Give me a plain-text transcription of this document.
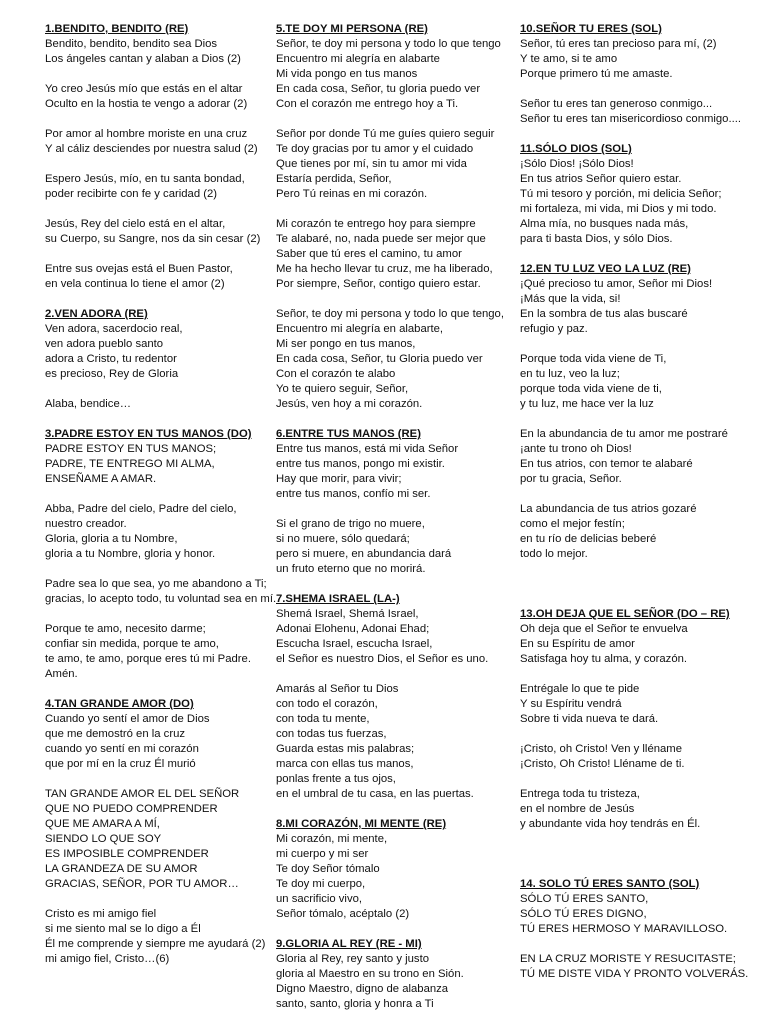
1.BENDITO, BENDITO (RE)
Bendito, bendito, bendito sea Dios
Los ángeles cantan y alaban a Dios (2)
Yo creo Jesús mío que estás en el altar
Oculto en la hostia te vengo a adorar (2)
Por amor al hombre moriste en una cruz
Y al cáliz desciendes por nuestra salud (2)
Espero Jesús, mío, en tu santa bondad,
poder recibirte con fe y caridad (2)
Jesús, Rey del cielo está en el altar,
su Cuerpo, su Sangre, nos da sin cesar (2)
Entre sus ovejas está el Buen Pastor,
en vela continua lo tiene el amor (2)
2.VEN ADORA (RE)
Ven adora, sacerdocio real,
ven adora pueblo santo
adora a Cristo, tu redentor
es precioso, Rey de Gloria
Alaba, bendice…
3.PADRE ESTOY EN TUS MANOS (DO)
PADRE ESTOY EN TUS MANOS;
PADRE, TE ENTREGO MI ALMA,
ENSEÑAME A AMAR.
Abba, Padre del cielo, Padre del cielo,
nuestro creador.
Gloria, gloria a tu Nombre,
gloria a tu Nombre, gloria y honor.
Padre sea lo que sea, yo me abandono a Ti;
gracias, lo acepto todo, tu voluntad sea en mí.
Porque te amo, necesito darme;
confiar sin medida, porque te amo,
te amo, te amo, porque eres tú mi Padre.
Amén.
4.TAN GRANDE AMOR (DO)
Cuando yo sentí el amor de Dios
que me demostró en la cruz
cuando yo sentí en mi corazón
que por mí en la cruz Él murió
TAN GRANDE AMOR EL DEL SEÑOR
QUE NO PUEDO COMPRENDER
QUE ME AMARA A MÍ,
SIENDO LO QUE SOY
ES IMPOSIBLE COMPRENDER
LA GRANDEZA DE SU AMOR
GRACIAS, SEÑOR, POR TU AMOR…
Cristo es mi amigo fiel
si me siento mal se lo digo a Él
Él me comprende y siempre me ayudará (2)
mi amigo fiel, Cristo…(6)
5.TE DOY MI PERSONA (RE)
Señor, te doy mi persona y todo lo que tengo
Encuentro mi alegría en alabarte
Mi vida pongo en tus manos
En cada cosa, Señor, tu gloria puedo ver
Con el corazón me entrego hoy a Ti.
Señor por donde Tú me guíes quiero seguir
Te doy gracias por tu amor y el cuidado
Que tienes por mí, sin tu amor mi vida
Estaría perdida, Señor,
Pero Tú reinas en mi corazón.
Mi corazón te entrego hoy para siempre
Te alabaré, no, nada puede ser mejor que
Saber que tú eres el camino, tu amor
Me ha hecho llevar tu cruz, me ha liberado,
Por siempre, Señor, contigo quiero estar.
Señor, te doy mi persona y todo lo que tengo,
Encuentro mi alegría en alabarte,
Mi ser pongo en tus manos,
En cada cosa, Señor, tu Gloria puedo ver
Con el corazón te alabo
Yo te quiero seguir, Señor,
Jesús, ven hoy a mi corazón.
6.ENTRE TUS MANOS (RE)
Entre tus manos, está mi vida Señor
entre tus manos, pongo mi existir.
Hay que morir, para vivir;
entre tus manos, confío mi ser.
Si el grano de trigo no muere,
si no muere, sólo quedará;
pero si muere, en abundancia dará
un fruto eterno que no morirá.
7.SHEMA ISRAEL (LA-)
Shemá Israel, Shemá Israel,
Adonai Elohenu, Adonai Ehad;
Escucha Israel, escucha Israel,
el Señor es nuestro Dios, el Señor es uno.
Amarás al Señor tu Dios
con todo el corazón,
con toda tu mente,
con todas tus fuerzas,
Guarda estas mis palabras;
marca con ellas tus manos,
ponlas frente a tus ojos,
en el umbral de tu casa, en las puertas.
8.MI CORAZÓN, MI MENTE (RE)
Mi corazón, mi mente,
mi cuerpo y mi ser
Te doy Señor tómalo
Te doy mi cuerpo,
un sacrificio vivo,
Señor tómalo, acéptalo (2)
9.GLORIA AL REY (RE - MI)
Gloria al Rey, rey santo y justo
gloria al Maestro en su trono en Sión.
Digno Maestro, digno de alabanza
santo, santo, gloria y honra a Ti
10.SEÑOR TU ERES (SOL)
Señor, tú eres tan precioso para mí, (2)
Y te amo, si te amo
Porque primero tú me amaste.
Señor tu eres tan generoso conmigo...
Señor tu eres tan misericordioso conmigo....
11.SÓLO DIOS (SOL)
¡Sólo Dios! ¡Sólo Dios!
En tus atrios Señor quiero estar.
Tú mi tesoro y porción, mi delicia Señor;
mi fortaleza, mi vida, mi Dios y mi todo.
Alma mía, no busques nada más,
para ti basta Dios, y sólo Dios.
12.EN TU LUZ VEO LA LUZ (RE)
¡Qué precioso tu amor, Señor mi Dios!
¡Más que la vida, si!
En la sombra de tus alas buscaré
refugio y paz.
Porque toda vida viene de Ti,
en tu luz, veo la luz;
porque toda vida viene de ti,
y tu luz, me hace ver la luz
En la abundancia de tu amor me postraré
¡ante tu trono oh Dios!
En tus atrios, con temor te alabaré
por tu gracia, Señor.
La abundancia de tus atrios gozaré
como el mejor festín;
en tu río de delicias beberé
todo lo mejor.

13.OH DEJA QUE EL SEÑOR (DO – RE)
Oh deja que el Señor te envuelva
En su Espíritu de amor
Satisfaga hoy tu alma, y corazón.
Entrégale lo que te pide
Y su Espíritu vendrá
Sobre ti vida nueva te dará.
¡Cristo, oh Cristo! Ven y lléname
¡Cristo, Oh Cristo! Lléname de ti.
Entrega toda tu tristeza,
en el nombre de Jesús
y abundante vida hoy tendrás en Él.

14. SOLO TÚ ERES SANTO (SOL)
SÓLO TÚ ERES SANTO,
SÓLO TÚ ERES DIGNO,
TÚ ERES HERMOSO Y MARAVILLOSO.
EN LA CRUZ MORISTE Y RESUCITASTE;
TÚ ME DISTE VIDA Y PRONTO VOLVERÁS.
